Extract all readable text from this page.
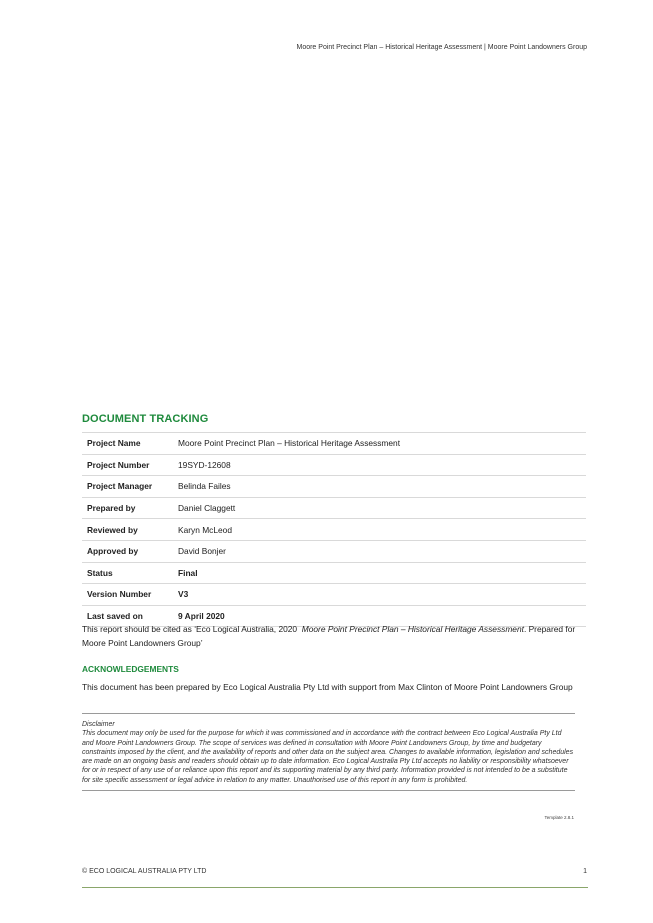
Moore Point Precinct Plan – Historical Heritage Assessment | Moore Point Landowners Group
DOCUMENT TRACKING
Project Name	Moore Point Precinct Plan – Historical Heritage Assessment
Project Number	19SYD-12608
Project Manager	Belinda Failes
Prepared by	Daniel Claggett
Reviewed by	Karyn McLeod
Approved by	David Bonjer
Status	Final
Version Number	V3
Last saved on	9 April 2020
This report should be cited as ‘Eco Logical Australia, 2020 Moore Point Precinct Plan – Historical Heritage Assessment. Prepared for Moore Point Landowners Group’
ACKNOWLEDGEMENTS
This document has been prepared by Eco Logical Australia Pty Ltd with support from Max Clinton of Moore Point Landowners Group
Disclaimer
This document may only be used for the purpose for which it was commissioned and in accordance with the contract between Eco Logical Australia Pty Ltd and Moore Point Landowners Group. The scope of services was defined in consultation with Moore Point Landowners Group, by time and budgetary constraints imposed by the client, and the availability of reports and other data on the subject area. Changes to available information, legislation and schedules are made on an ongoing basis and readers should obtain up to date information. Eco Logical Australia Pty Ltd accepts no liability or responsibility whatsoever for or in respect of any use of or reliance upon this report and its supporting material by any third party. Information provided is not intended to be a substitute for site specific assessment or legal advice in relation to any matter. Unauthorised use of this report in any form is prohibited.
Template 2.8.1
© ECO LOGICAL AUSTRALIA PTY LTD	1
